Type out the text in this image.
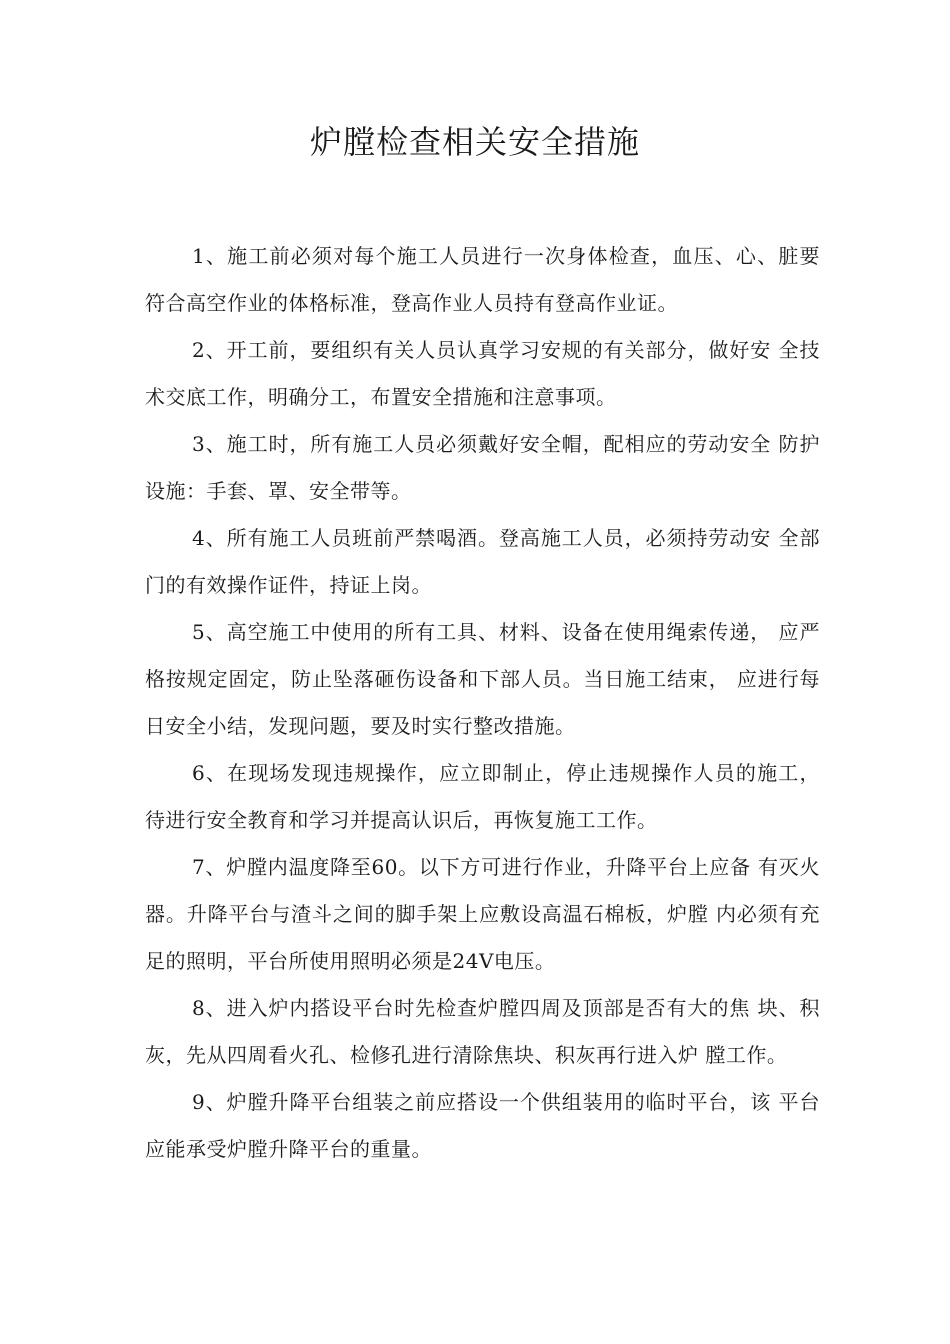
炉膛检查相关安全措施

1、施工前必须对每个施工人员进行一次身体检查，血压、心、脏要符合高空作业的体格标准，登高作业人员持有登高作业证。

2、开工前，要组织有关人员认真学习安规的有关部分，做好安 全技术交底工作，明确分工，布置安全措施和注意事项。

3、施工时，所有施工人员必须戴好安全帽，配相应的劳动安全 防护设施：手套、罩、安全带等。

4、所有施工人员班前严禁喝酒。登高施工人员，必须持劳动安 全部门的有效操作证件，持证上岗。

5、高空施工中使用的所有工具、材料、设备在使用绳索传递， 应严格按规定固定，防止坠落砸伤设备和下部人员。当日施工结束， 应进行每日安全小结，发现问题，要及时实行整改措施。

6、在现场发现违规操作，应立即制止，停止违规操作人员的施工，待进行安全教育和学习并提高认识后，再恢复施工工作。

7、炉膛内温度降至60。以下方可进行作业，升降平台上应备 有灭火器。升降平台与渣斗之间的脚手架上应敷设高温石棉板，炉膛 内必须有充足的照明，平台所使用照明必须是24V电压。

8、进入炉内搭设平台时先检查炉膛四周及顶部是否有大的焦 块、积灰，先从四周看火孔、检修孔进行清除焦块、积灰再行进入炉 膛工作。

9、炉膛升降平台组装之前应搭设一个供组装用的临时平台，该 平台应能承受炉膛升降平台的重量。
